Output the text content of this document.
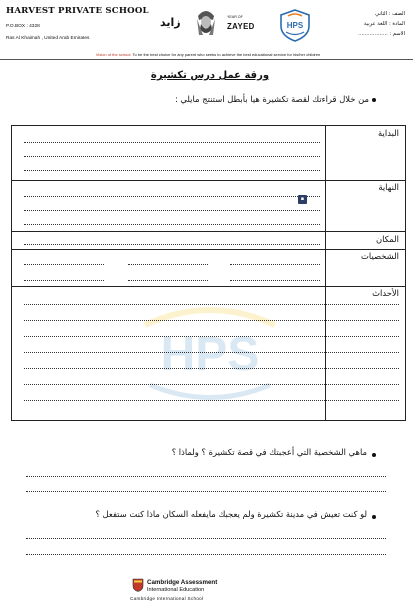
HARVEST PRIVATE SCHOOL
P.O.BOX : 4328
Ras Al Khaimah , United Arab Emirates
زايد	YEAR OF
ZAYED	HPS
الصف : الثاني
المادة : اللغة عربية
الاسم : ..................
Vision of the school: To be the best choice for any parent who seeks to achieve the best educational service for his/her children
ورقة عمل درس تكشيرة
من خلال قراءتك لقصة تكشيرة هيا بأبطل استنتج مايلي :
HPS
البداية
النهاية
المكان
الشخصيات
الأحداث
▪
ماهي الشخصية التي أعجبتك في قصة تكشيرة ؟ ولماذا ؟
لو كنت تعيش في مدينة تكشيرة ولم يعجبك مايفعله السكان ماذا كنت ستفعل ؟
Cambridge Assessment
International Education
Cambridge International School
